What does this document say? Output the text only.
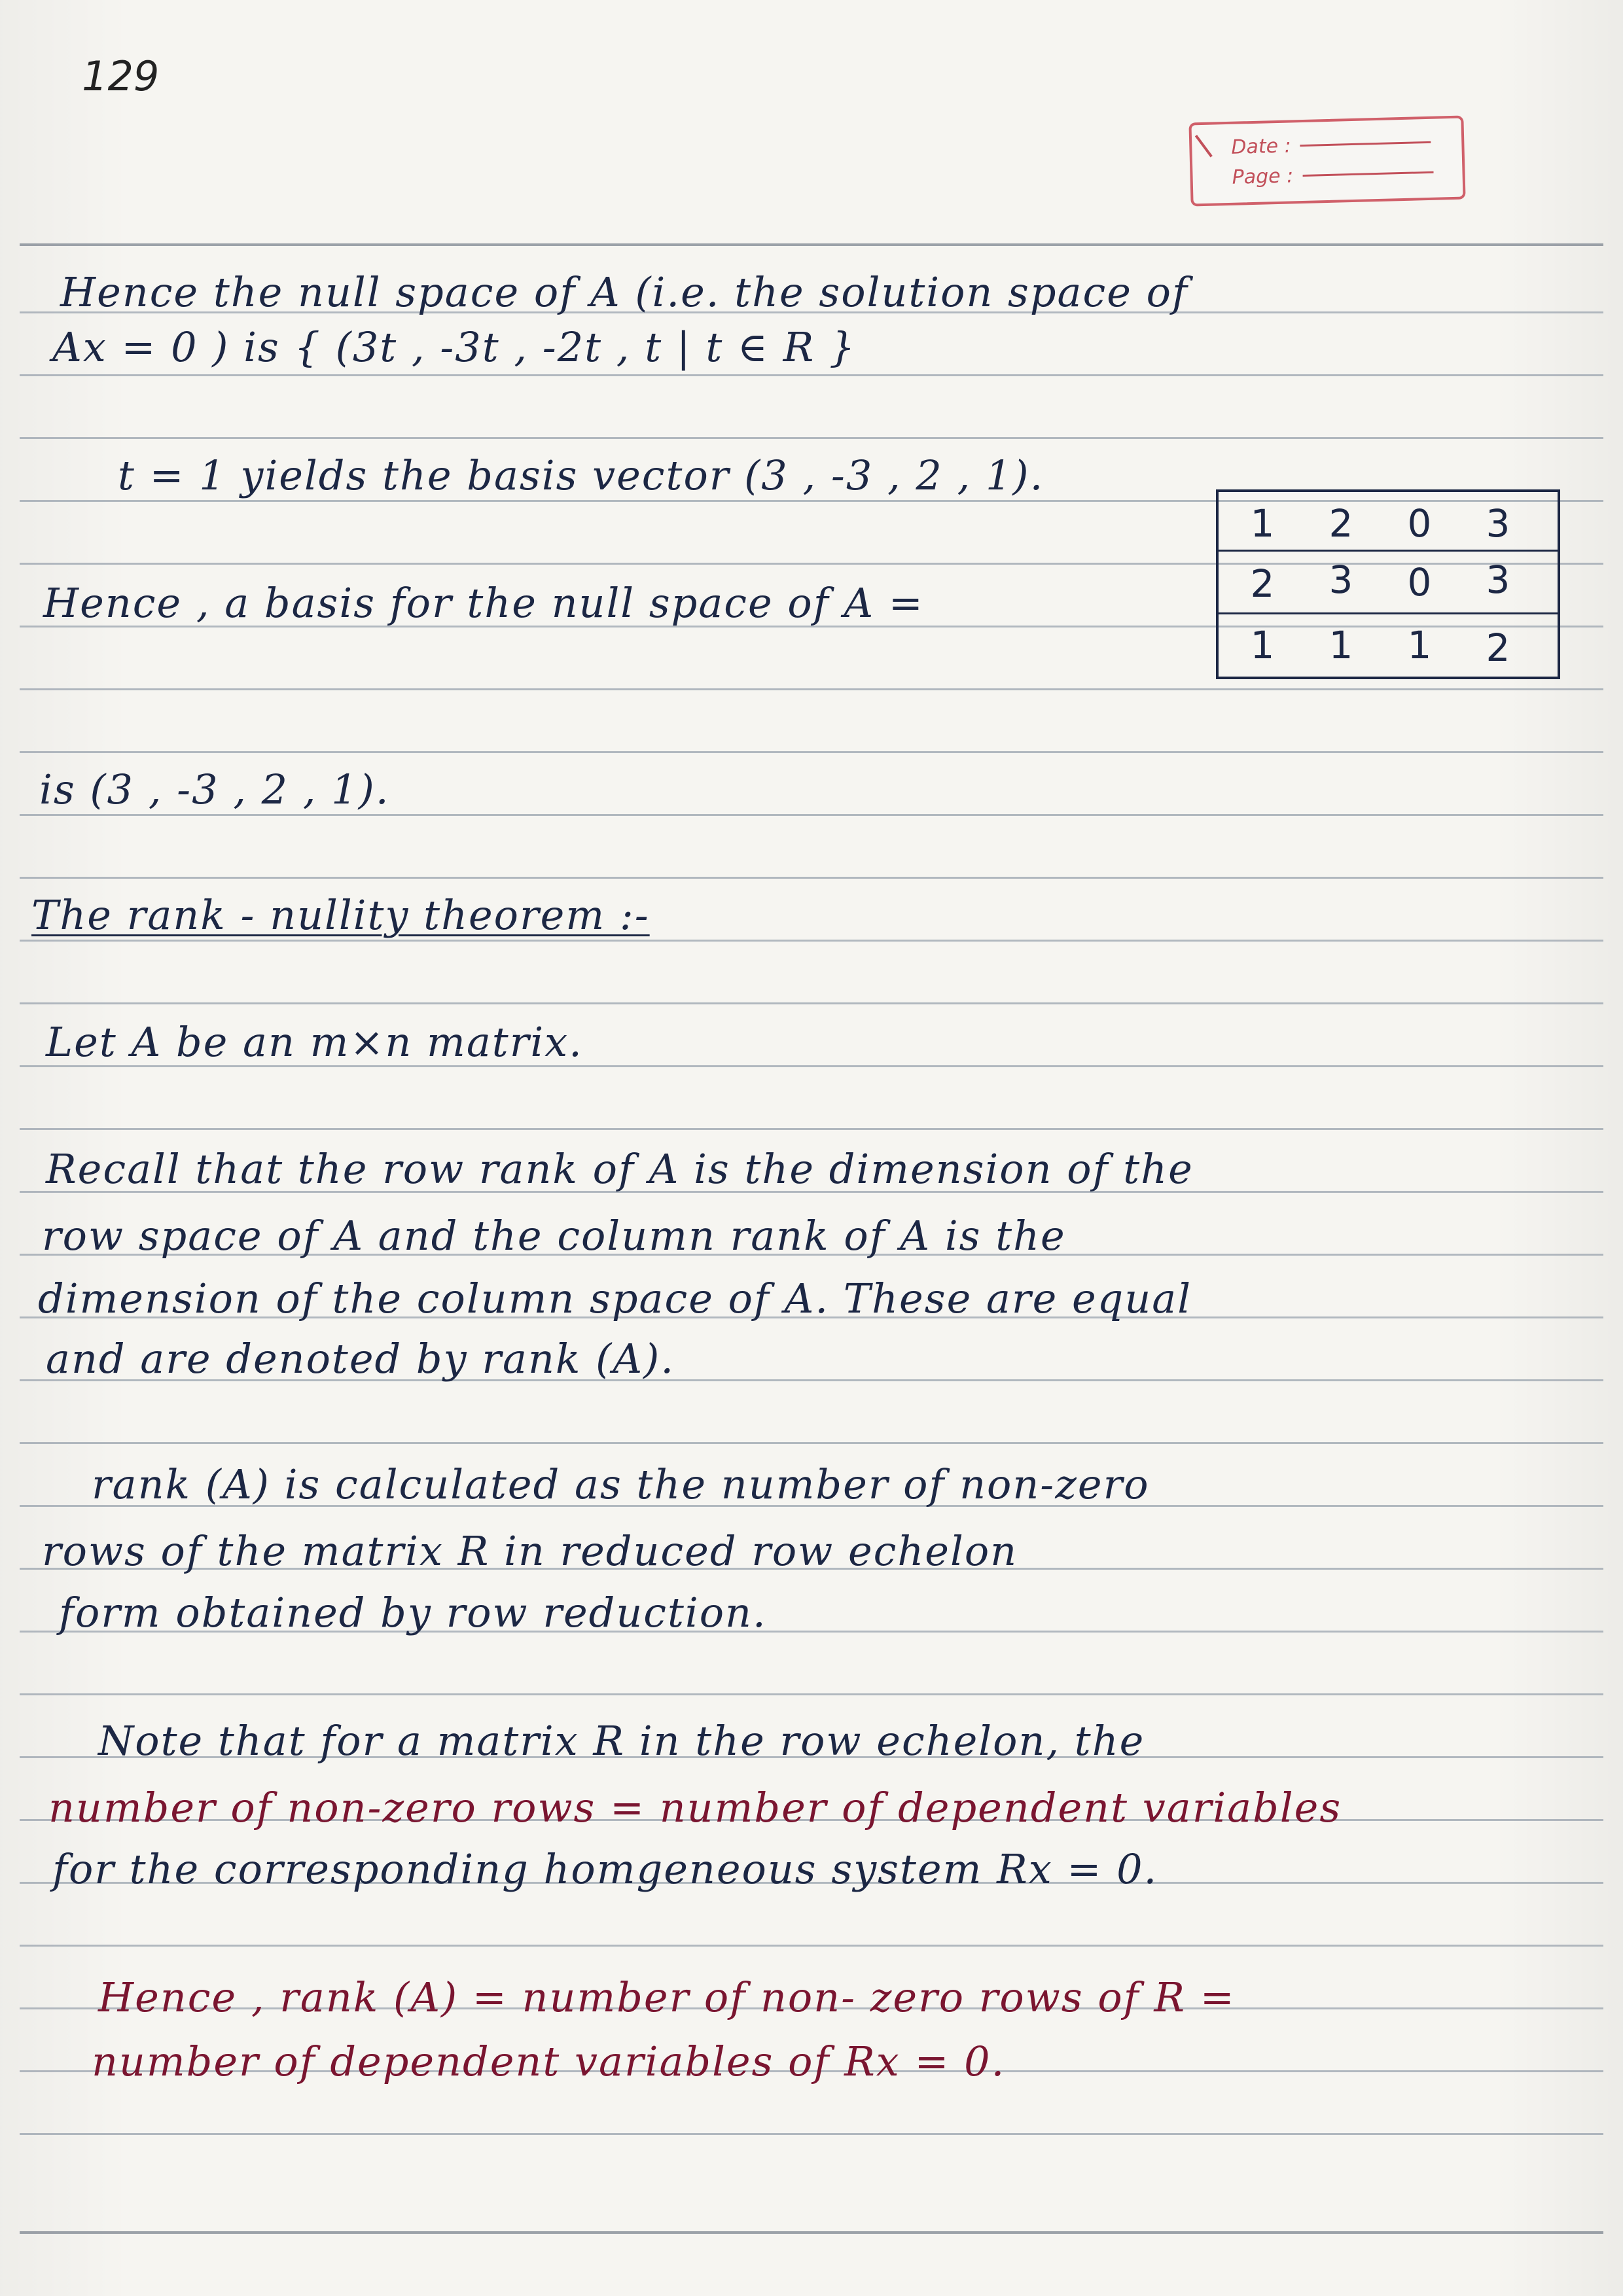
129
Date :
Page :
Hence the null space of A (i.e. the solution space of
Ax = 0 ) is { (3t , -3t , -2t , t | t ∈ R }
t = 1 yields the basis vector (3 , -3 , 2 , 1).
Hence , a basis for the null space of A =
1	2	0	3
2	3	0	3
1	1	1	2
is (3 , -3 , 2 , 1).
The rank - nullity theorem :-
Let A be an m×n matrix.
Recall that the row rank of A is the dimension of the
row space of A and the column rank of A is the
dimension of the column space of A. These are equal
and are denoted by rank (A).
rank (A) is calculated as the number of non-zero
rows of the matrix R in reduced row echelon
form obtained by row reduction.
Note that for a matrix R in the row echelon, the
number of non-zero rows = number of dependent variables
for the corresponding homgeneous system Rx = 0.
Hence , rank (A) = number of non- zero rows of R =
number of dependent variables of Rx = 0.
